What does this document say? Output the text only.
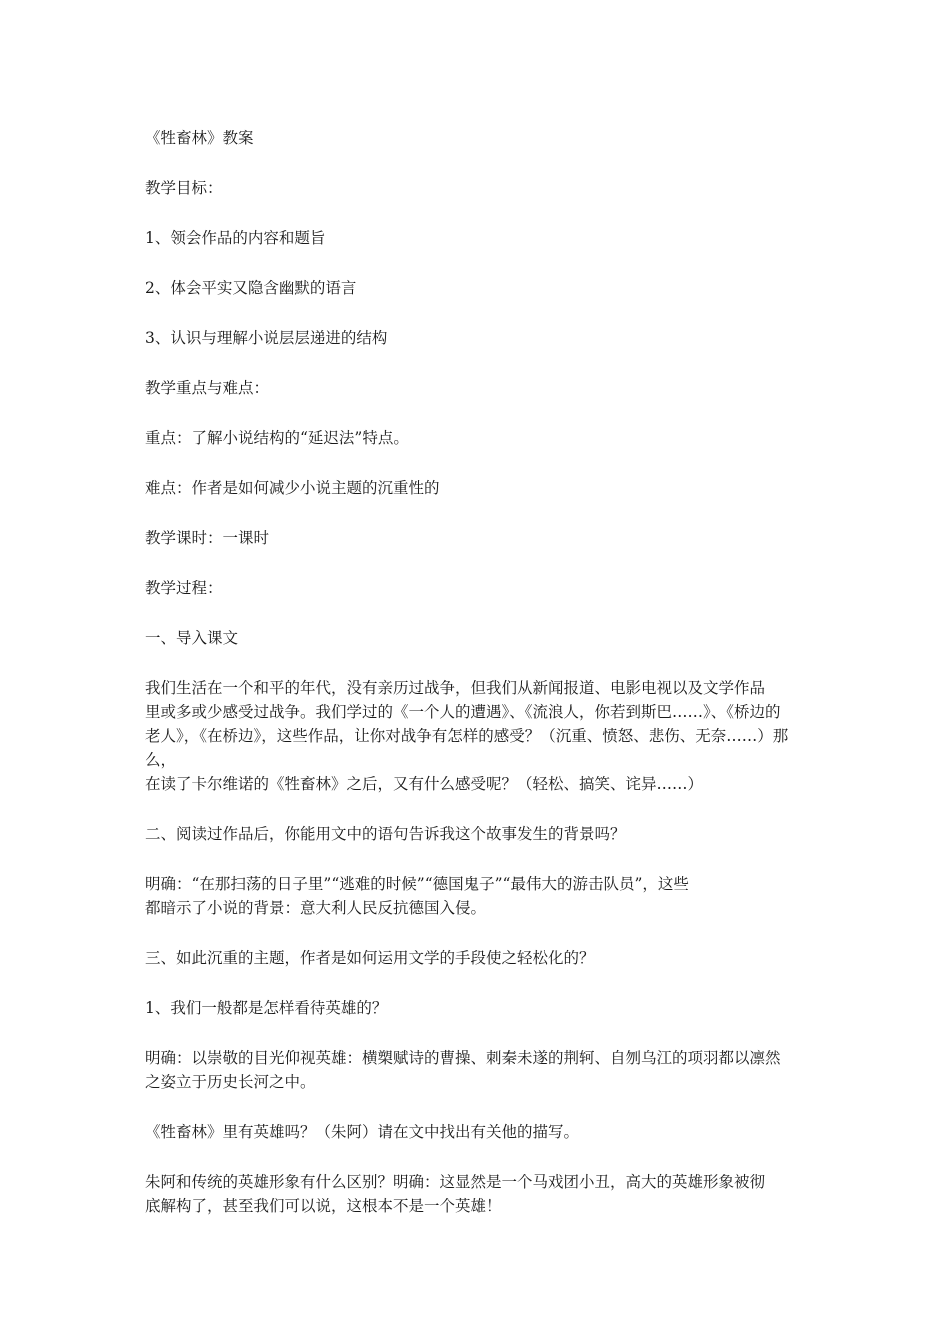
《牲畜林》教案

教学目标：

1、领会作品的内容和题旨

2、体会平实又隐含幽默的语言

3、认识与理解小说层层递进的结构

教学重点与难点：

重点：了解小说结构的“延迟法”特点。

难点：作者是如何减少小说主题的沉重性的

教学课时：一课时

教学过程：

一、导入课文

我们生活在一个和平的年代，没有亲历过战争，但我们从新闻报道、电影电视以及文学作品

里或多或少感受过战争。我们学过的《一个人的遭遇》、《流浪人，你若到斯巴……》、《桥边的

老人》，《在桥边》，这些作品，让你对战争有怎样的感受？（沉重、愤怒、悲伤、无奈……）那么，

在读了卡尔维诺的《牲畜林》之后，又有什么感受呢？（轻松、搞笑、诧异……）

二、阅读过作品后，你能用文中的语句告诉我这个故事发生的背景吗？

明确：“在那扫荡的日子里”“逃难的时候”“德国鬼子”“最伟大的游击队员”，这些

都暗示了小说的背景：意大利人民反抗德国入侵。

三、如此沉重的主题，作者是如何运用文学的手段使之轻松化的？

1、我们一般都是怎样看待英雄的？

明确：以崇敬的目光仰视英雄：横槊赋诗的曹操、刺秦未遂的荆轲、自刎乌江的项羽都以凛然

之姿立于历史长河之中。

《牲畜林》里有英雄吗？（朱阿）请在文中找出有关他的描写。

朱阿和传统的英雄形象有什么区别？明确：这显然是一个马戏团小丑，高大的英雄形象被彻

底解构了，甚至我们可以说，这根本不是一个英雄！
